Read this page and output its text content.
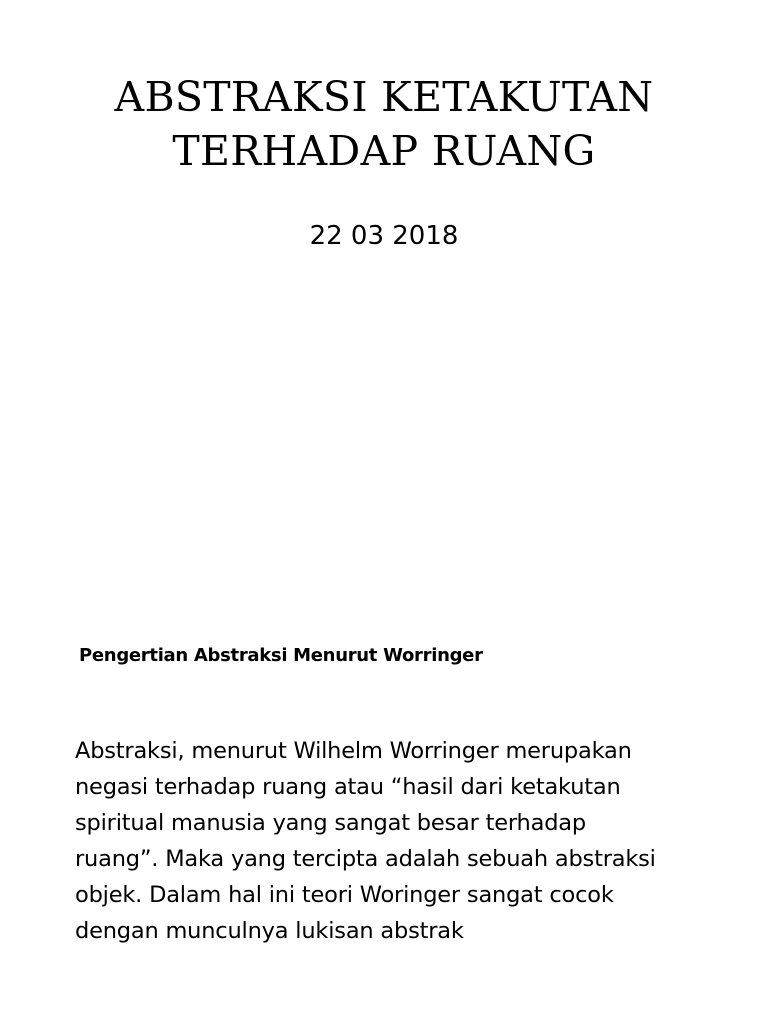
ABSTRAKSI KETAKUTAN
TERHADAP RUANG
22 03 2018
Pengertian Abstraksi Menurut Worringer
Abstraksi, menurut Wilhelm Worringer merupakan
negasi terhadap ruang atau “hasil dari ketakutan
spiritual manusia yang sangat besar terhadap
ruang”. Maka yang tercipta adalah sebuah abstraksi
objek. Dalam hal ini teori Woringer sangat cocok
dengan munculnya lukisan abstrak
